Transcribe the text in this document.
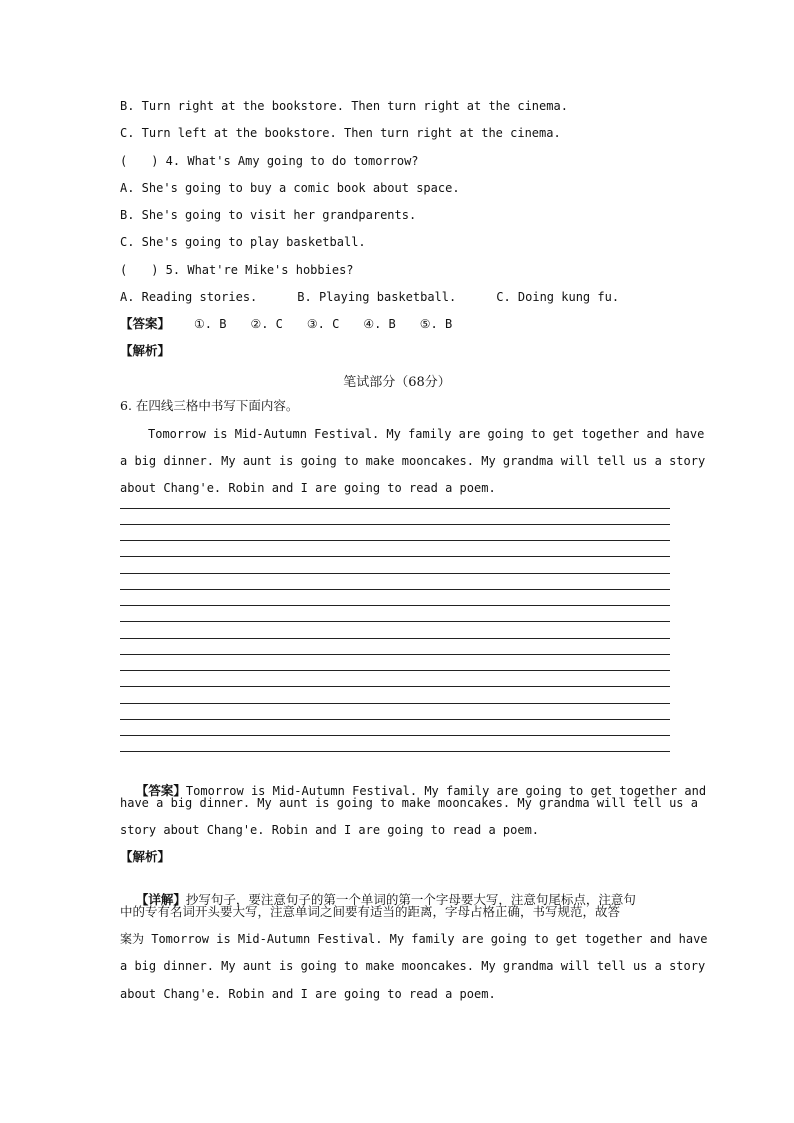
B. Turn right at the bookstore. Then turn right at the cinema.
C. Turn left at the bookstore. Then turn right at the cinema.
(　　) 4. What's Amy going to do tomorrow?
A. She's going to buy a comic book about space.
B. She's going to visit her grandparents.
C. She's going to play basketball.
(　　) 5. What're Mike's hobbies?
A. Reading stories.	B. Playing basketball.	C. Doing kung fu.
【答案】 ①. B ②. C ③. C ④. B ⑤. B
【解析】
笔试部分（68分）
6. 在四线三格中书写下面内容。
Tomorrow is Mid-Autumn Festival. My family are going to get together and have
a big dinner. My aunt is going to make mooncakes. My grandma will tell us a story
about Chang'e. Robin and I are going to read a poem.

【答案】Tomorrow is Mid-Autumn Festival. My family are going to get together and

have a big dinner. My aunt is going to make mooncakes. My grandma will tell us a
story about Chang'e. Robin and I are going to read a poem.
【解析】

【详解】抄写句子，要注意句子的第一个单词的第一个字母要大写，注意句尾标点，注意句

中的专有名词开头要大写，注意单词之间要有适当的距离，字母占格正确，书写规范，故答
案为 Tomorrow is Mid-Autumn Festival. My family are going to get together and have
a big dinner. My aunt is going to make mooncakes. My grandma will tell us a story
about Chang'e. Robin and I are going to read a poem.
